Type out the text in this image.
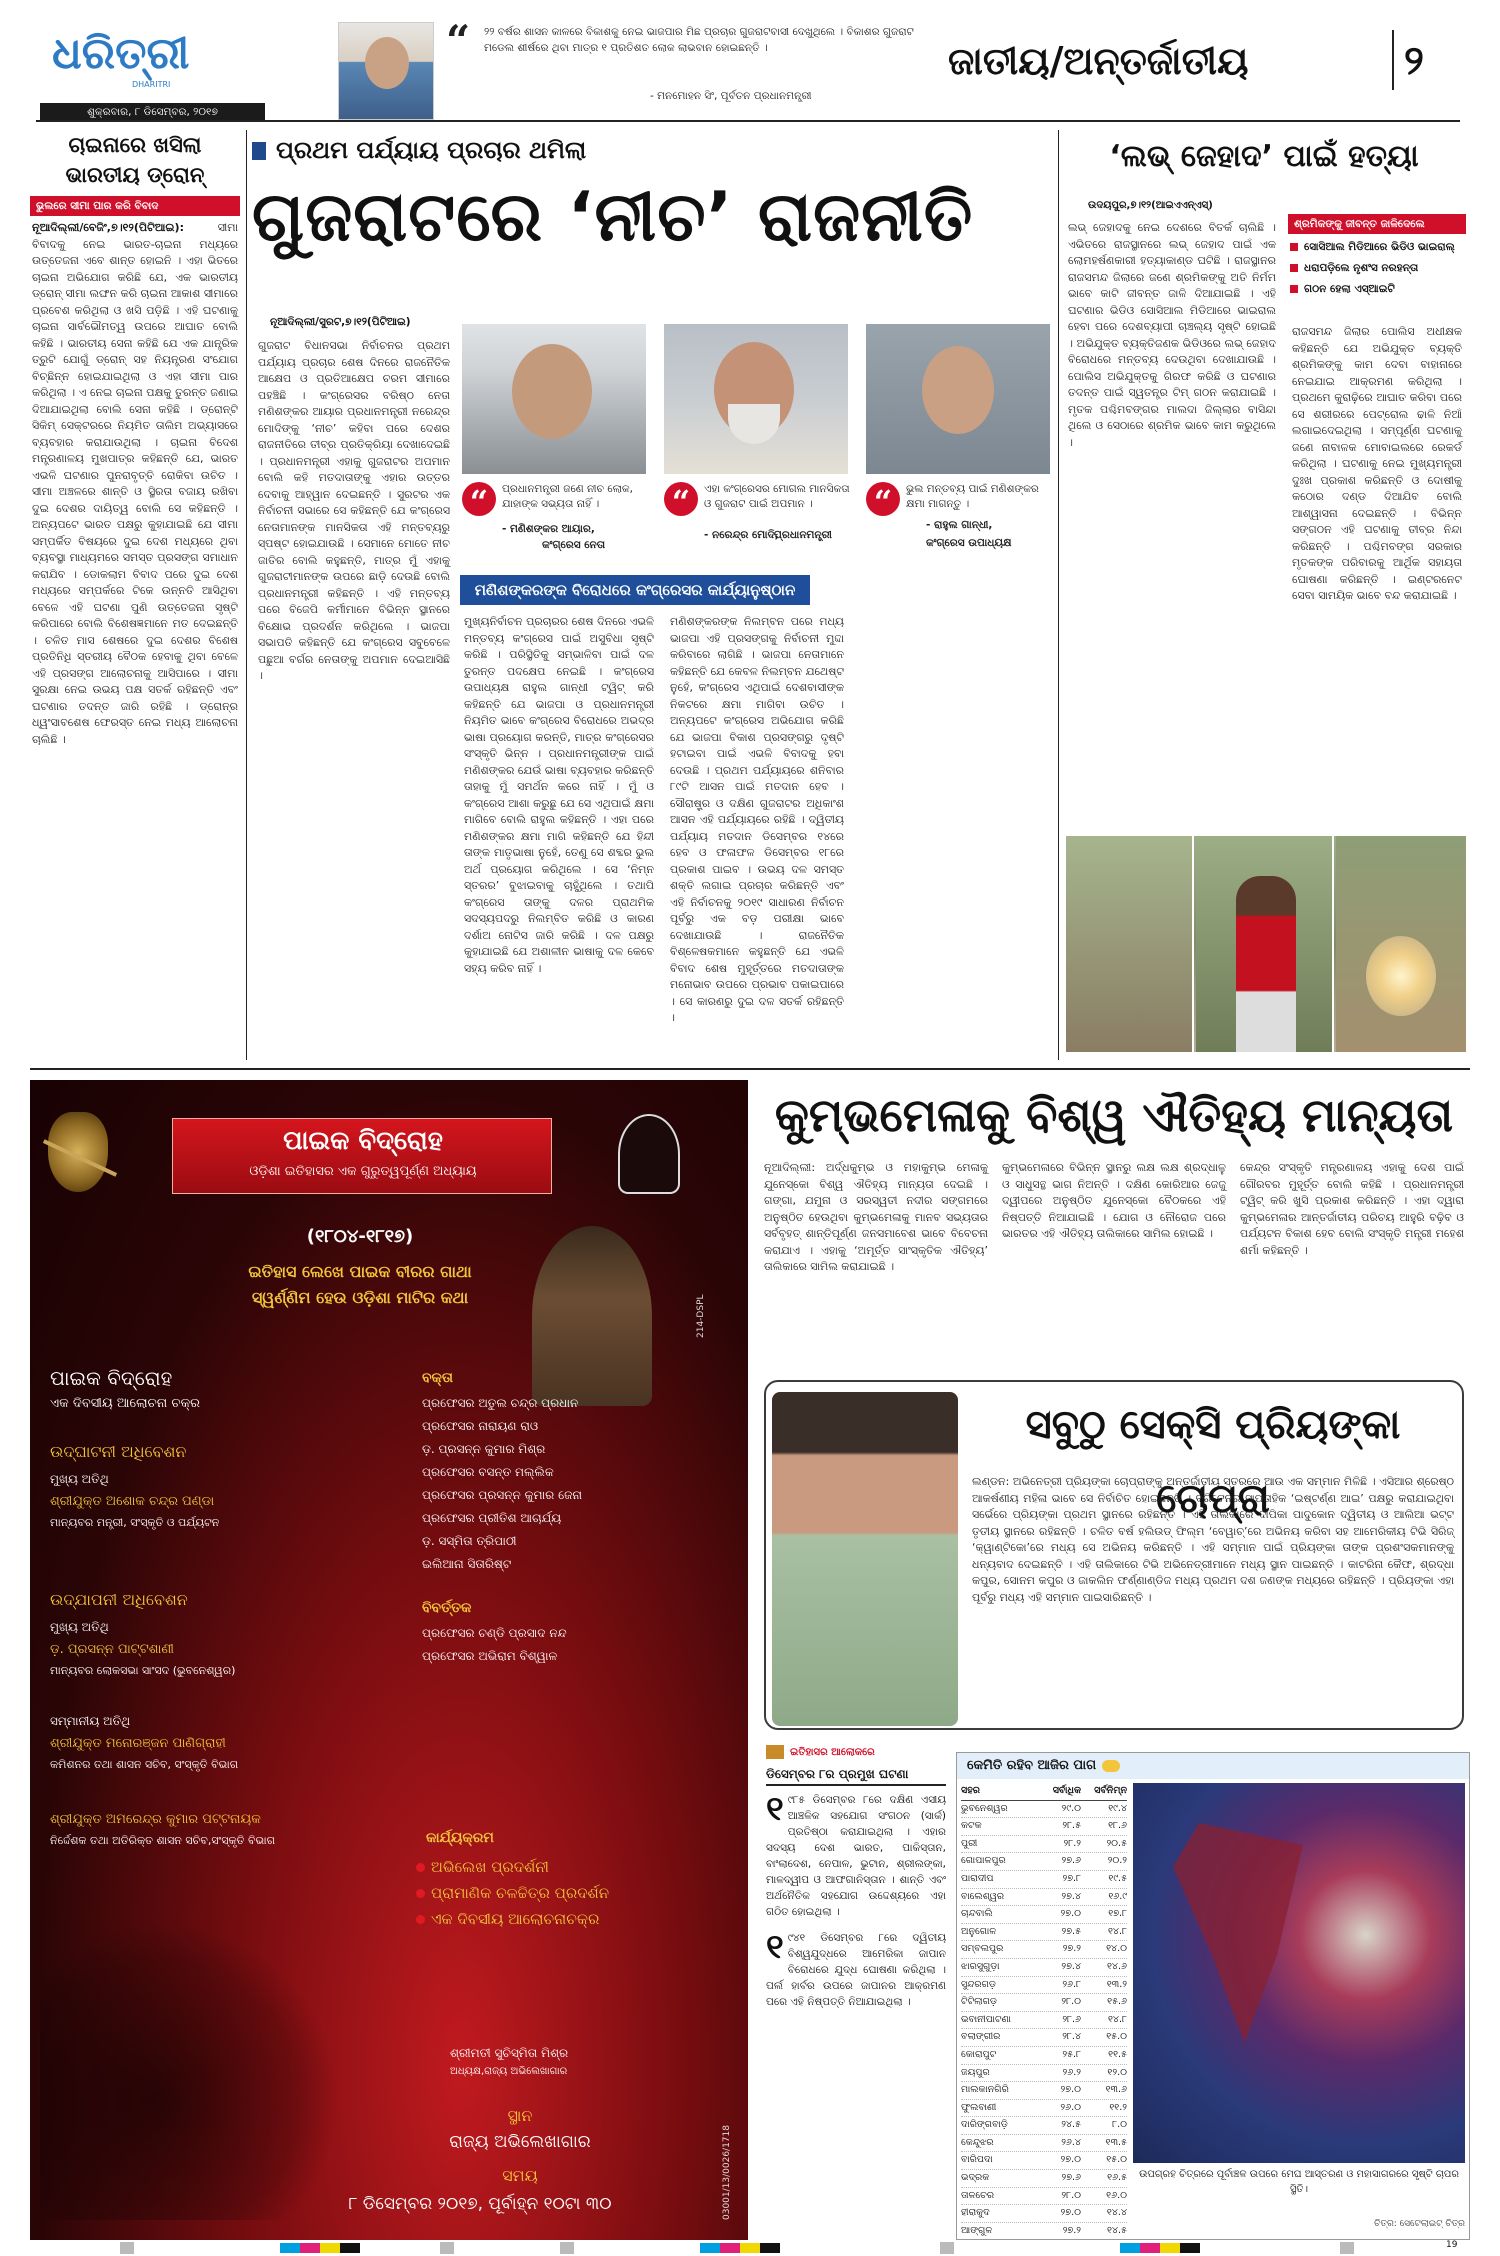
ଧରିତ୍ରୀ
DHARITRI
ଶୁକ୍ରବାର, ୮ ଡିସେମ୍ବର, ୨୦୧୭
“	୨୨ ବର୍ଷର ଶାସନ କାଳରେ ବିକାଶକୁ ନେଇ ଭାଜପାର ମିଛ ପ୍ରଚାର ଗୁଜରାଟବାସୀ ଦେଖୁଥିଲେ । ବିକାଶର ଗୁଜରାଟ ମଡେଲ ଶୀର୍ଷରେ ଥିବା ମାତ୍ର ୧ ପ୍ରତିଶତ ଲୋକ ଲାଭବାନ ହୋଇଛନ୍ତି ।
- ମନମୋହନ ସିଂ, ପୂର୍ବତନ ପ୍ରଧାନମନ୍ତ୍ରୀ
ଜାତୀୟ/ଅନ୍ତର୍ଜାତୀୟ	୨
ଚାଇନାରେ ଖସିଲା
ଭାରତୀୟ ଡ୍ରୋନ୍
ଭୁଲରେ ସୀମା ପାର କରି ବିବାଦ
ନୂଆଦିଲ୍ଲୀ/ବେଜିଂ,୭।୧୨(ପିଟିଆଇ):	ସୀମା ବିବାଦକୁ ନେଇ ଭାରତ-ଚାଇନା ମଧ୍ୟରେ ଉତ୍ତେଜନା ଏବେ ଶାନ୍ତ ହୋଇନି । ଏହା ଭିତରେ ଚାଇନା ଅଭିଯୋଗ କରିଛି ଯେ, ଏକ ଭାରତୀୟ ଡ୍ରୋନ୍ ସୀମା ଲଙ୍ଘନ କରି ଚାଇନା ଆକାଶ ସୀମାରେ ପ୍ରବେଶ କରିଥିଲା ଓ ଖସି ପଡ଼ିଛି । ଏହି ଘଟଣାକୁ ଚାଇନା ସାର୍ବଭୌମତ୍ୱ ଉପରେ ଆଘାତ ବୋଲି କହିଛି । ଭାରତୀୟ ସେନା କହିଛି ଯେ ଏକ ଯାନ୍ତ୍ରିକ ତ୍ରୁଟି ଯୋଗୁଁ ଡ୍ରୋନ୍ ସହ ନିୟନ୍ତ୍ରଣ ସଂଯୋଗ ବିଚ୍ଛିନ୍ନ ହୋଇଯାଇଥିଲା ଓ ଏହା ସୀମା ପାର କରିଥିଲା । ଏ ନେଇ ଚାଇନା ପକ୍ଷକୁ ତୁରନ୍ତ ଜଣାଇ ଦିଆଯାଇଥିଲା ବୋଲି ସେନା କହିଛି । ଡ୍ରୋନ୍‌ଟି ସିକିମ୍ ସେକ୍ଟରରେ ନିୟମିତ ତାଲିମ ଅଭ୍ୟାସରେ ବ୍ୟବହାର କରାଯାଉଥିଲା । ଚାଇନା ବିଦେଶ ମନ୍ତ୍ରଣାଳୟ ମୁଖପାତ୍ର କହିଛନ୍ତି ଯେ, ଭାରତ ଏଭଳି ଘଟଣାର ପୁନରାବୃତ୍ତି ରୋକିବା ଉଚିତ । ସୀମା ଅଞ୍ଚଳରେ ଶାନ୍ତି ଓ ସ୍ଥିରତା ବଜାୟ ରଖିବା ଦୁଇ ଦେଶର ଦାୟିତ୍ୱ ବୋଲି ସେ କହିଛନ୍ତି । ଅନ୍ୟପଟେ ଭାରତ ପକ୍ଷରୁ କୁହାଯାଇଛି ଯେ ସୀମା ସମ୍ପର୍କିତ ବିଷୟରେ ଦୁଇ ଦେଶ ମଧ୍ୟରେ ଥିବା ବ୍ୟବସ୍ଥା ମାଧ୍ୟମରେ ସମସ୍ତ ପ୍ରସଙ୍ଗ ସମାଧାନ କରାଯିବ । ଡୋକଲାମ ବିବାଦ ପରେ ଦୁଇ ଦେଶ ମଧ୍ୟରେ ସମ୍ପର୍କରେ ଟିକେ ଉନ୍ନତି ଆସିଥିବା ବେଳେ ଏହି ଘଟଣା ପୁଣି ଉତ୍ତେଜନା ସୃଷ୍ଟି କରିପାରେ ବୋଲି ବିଶେଷଜ୍ଞମାନେ ମତ ଦେଇଛନ୍ତି । ଚଳିତ ମାସ ଶେଷରେ ଦୁଇ ଦେଶର ବିଶେଷ ପ୍ରତିନିଧି ସ୍ତରୀୟ ବୈଠକ ହେବାକୁ ଥିବା ବେଳେ ଏହି ପ୍ରସଙ୍ଗ ଆଲୋଚନାକୁ ଆସିପାରେ । ସୀମା ସୁରକ୍ଷା ନେଇ ଉଭୟ ପକ୍ଷ ସତର୍କ ରହିଛନ୍ତି ଏବଂ ଘଟଣାର ତଦନ୍ତ ଜାରି ରହିଛି । ଡ୍ରୋନ୍‌ର ଧ୍ୱଂସାବଶେଷ ଫେରସ୍ତ ନେଇ ମଧ୍ୟ ଆଲୋଚନା ଚାଲିଛି ।
ପ୍ରଥମ ପର୍ଯ୍ୟାୟ ପ୍ରଚାର ଥମିଲା
ଗୁଜରାଟରେ ‘ନୀଚ’ ରାଜନୀତି
ନୂଆଦିଲ୍ଲୀ/ସୁରଟ,୭।୧୨(ପିଟିଆଇ)
ଗୁଜରାଟ ବିଧାନସଭା ନିର୍ବାଚନର ପ୍ରଥମ ପର୍ଯ୍ୟାୟ ପ୍ରଚାର ଶେଷ ଦିନରେ ରାଜନୈତିକ ଆକ୍ଷେପ ଓ ପ୍ରତିଆକ୍ଷେପ ଚରମ ସୀମାରେ ପହଞ୍ଚିଛି । କଂଗ୍ରେସର ବରିଷ୍ଠ ନେତା ମଣିଶଙ୍କର ଆୟାର ପ୍ରଧାନମନ୍ତ୍ରୀ ନରେନ୍ଦ୍ର ମୋଦିଙ୍କୁ ‘ନୀଚ’ କହିବା ପରେ ଦେଶର ରାଜନୀତିରେ ତୀବ୍ର ପ୍ରତିକ୍ରିୟା ଦେଖାଦେଇଛି । ପ୍ରଧାନମନ୍ତ୍ରୀ ଏହାକୁ ଗୁଜରାଟର ଅପମାନ ବୋଲି କହି ମତଦାତାଙ୍କୁ ଏହାର ଉତ୍ତର ଦେବାକୁ ଆହ୍ୱାନ ଦେଇଛନ୍ତି । ସୁରଟର ଏକ ନିର୍ବାଚନୀ ସଭାରେ ସେ କହିଛନ୍ତି ଯେ କଂଗ୍ରେସ ନେତାମାନଙ୍କ ମାନସିକତା ଏହି ମନ୍ତବ୍ୟରୁ ସ୍ପଷ୍ଟ ହୋଇଯାଉଛି । ସେମାନେ ମୋତେ ନୀଚ ଜାତିର ବୋଲି କହୁଛନ୍ତି, ମାତ୍ର ମୁଁ ଏହାକୁ ଗୁଜରାଟୀମାନଙ୍କ ଉପରେ ଛାଡ଼ି ଦେଉଛି ବୋଲି ପ୍ରଧାନମନ୍ତ୍ରୀ କହିଛନ୍ତି । ଏହି ମନ୍ତବ୍ୟ ପରେ ବିଜେପି କର୍ମୀମାନେ ବିଭିନ୍ନ ସ୍ଥାନରେ ବିକ୍ଷୋଭ ପ୍ରଦର୍ଶନ କରିଥିଲେ । ଭାଜପା ସଭାପତି କହିଛନ୍ତି ଯେ କଂଗ୍ରେସ ସବୁବେଳେ ପଛୁଆ ବର୍ଗର ନେତାଙ୍କୁ ଅପମାନ ଦେଇଆସିଛି ।
“	ପ୍ରଧାନମନ୍ତ୍ରୀ ଜଣେ ନୀଚ ଲୋକ, ଯାହାଙ୍କ ସଭ୍ୟତା ନାହିଁ ।
- ମଣିଶଙ୍କର ଆୟାର,
କଂଗ୍ରେସ ନେତା
“	ଏହା କଂଗ୍ରେସର ମୋଗଲ ମାନସିକତା ଓ ଗୁଜରାଟ ପାଇଁ ଅପମାନ ।
- ନରେନ୍ଦ୍ର ମୋଦି,
ପ୍ରଧାନମନ୍ତ୍ରୀ
“	ଭୁଲ ମନ୍ତବ୍ୟ ପାଇଁ ମଣିଶଙ୍କର କ୍ଷମା ମାଗନ୍ତୁ ।
- ରାହୁଲ ଗାନ୍ଧୀ,
କଂଗ୍ରେସ ଉପାଧ୍ୟକ୍ଷ
ମଣିଶଙ୍କରଙ୍କ ବିରୋଧରେ କଂଗ୍ରେସର କାର୍ଯ୍ୟାନୁଷ୍ଠାନ
ମୁଖ୍ୟନିର୍ବାଚନ ପ୍ରଚାରର ଶେଷ ଦିନରେ ଏଭଳି ମନ୍ତବ୍ୟ କଂଗ୍ରେସ ପାଇଁ ଅସୁବିଧା ସୃଷ୍ଟି କରିଛି । ପରିସ୍ଥିତିକୁ ସମ୍ଭାଳିବା ପାଇଁ ଦଳ ତୁରନ୍ତ ପଦକ୍ଷେପ ନେଇଛି । କଂଗ୍ରେସ ଉପାଧ୍ୟକ୍ଷ ରାହୁଲ ଗାନ୍ଧୀ ଟ୍ୱିଟ୍ କରି କହିଛନ୍ତି ଯେ ଭାଜପା ଓ ପ୍ରଧାନମନ୍ତ୍ରୀ ନିୟମିତ ଭାବେ କଂଗ୍ରେସ ବିରୋଧରେ ଅଭଦ୍ର ଭାଷା ପ୍ରୟୋଗ କରନ୍ତି, ମାତ୍ର କଂଗ୍ରେସର ସଂସ୍କୃତି ଭିନ୍ନ । ପ୍ରଧାନମନ୍ତ୍ରୀଙ୍କ ପାଇଁ ମଣିଶଙ୍କର ଯେଉଁ ଭାଷା ବ୍ୟବହାର କରିଛନ୍ତି ତାହାକୁ ମୁଁ ସମର୍ଥନ କରେ ନାହିଁ । ମୁଁ ଓ କଂଗ୍ରେସ ଆଶା କରୁଛୁ ଯେ ସେ ଏଥିପାଇଁ କ୍ଷମା ମାଗିବେ ବୋଲି ରାହୁଲ କହିଛନ୍ତି । ଏହା ପରେ ମଣିଶଙ୍କର କ୍ଷମା ମାଗି କହିଛନ୍ତି ଯେ ହିନ୍ଦୀ ତାଙ୍କ ମାତୃଭାଷା ନୁହେଁ, ତେଣୁ ସେ ଶବ୍ଦର ଭୁଲ ଅର୍ଥ ପ୍ରୟୋଗ କରିଥିଲେ । ସେ ‘ନିମ୍ନ ସ୍ତରର’ ବୁଝାଇବାକୁ ଚାହୁଁଥିଲେ । ତଥାପି କଂଗ୍ରେସ ତାଙ୍କୁ ଦଳର ପ୍ରାଥମିକ ସଦସ୍ୟପଦରୁ ନିଲମ୍ବିତ କରିଛି ଓ କାରଣ ଦର୍ଶାଅ ନୋଟିସ ଜାରି କରିଛି । ଦଳ ପକ୍ଷରୁ କୁହାଯାଇଛି ଯେ ଅଶାଳୀନ ଭାଷାକୁ ଦଳ କେବେ ସହ୍ୟ କରିବ ନାହିଁ ।
ମଣିଶଙ୍କରଙ୍କ ନିଲମ୍ବନ ପରେ ମଧ୍ୟ ଭାଜପା ଏହି ପ୍ରସଙ୍ଗକୁ ନିର୍ବାଚନୀ ମୁଦ୍ଦା କରିବାରେ ଲାଗିଛି । ଭାଜପା ନେତାମାନେ କହିଛନ୍ତି ଯେ କେବଳ ନିଲମ୍ବନ ଯଥେଷ୍ଟ ନୁହେଁ, କଂଗ୍ରେସ ଏଥିପାଇଁ ଦେଶବାସୀଙ୍କ ନିକଟରେ କ୍ଷମା ମାଗିବା ଉଚିତ । ଅନ୍ୟପଟେ କଂଗ୍ରେସ ଅଭିଯୋଗ କରିଛି ଯେ ଭାଜପା ବିକାଶ ପ୍ରସଙ୍ଗରୁ ଦୃଷ୍ଟି ହଟାଇବା ପାଇଁ ଏଭଳି ବିବାଦକୁ ହବା ଦେଉଛି । ପ୍ରଥମ ପର୍ଯ୍ୟାୟରେ ଶନିବାର ୮୯ଟି ଆସନ ପାଇଁ ମତଦାନ ହେବ । ସୌରାଷ୍ଟ୍ର ଓ ଦକ୍ଷିଣ ଗୁଜରାଟର ଅଧିକାଂଶ ଆସନ ଏହି ପର୍ଯ୍ୟାୟରେ ରହିଛି । ଦ୍ୱିତୀୟ ପର୍ଯ୍ୟାୟ ମତଦାନ ଡିସେମ୍ବର ୧୪ରେ ହେବ ଓ ଫଳାଫଳ ଡିସେମ୍ବର ୧୮ରେ ପ୍ରକାଶ ପାଇବ । ଉଭୟ ଦଳ ସମସ୍ତ ଶକ୍ତି ଲଗାଇ ପ୍ରଚାର କରିଛନ୍ତି ଏବଂ ଏହି ନିର୍ବାଚନକୁ ୨୦୧୯ ସାଧାରଣ ନିର୍ବାଚନ ପୂର୍ବରୁ ଏକ ବଡ଼ ପରୀକ୍ଷା ଭାବେ ଦେଖାଯାଉଛି । ରାଜନୈତିକ ବିଶ୍ଳେଷକମାନେ କହୁଛନ୍ତି ଯେ ଏଭଳି ବିବାଦ ଶେଷ ମୁହୂର୍ତ୍ତରେ ମତଦାତାଙ୍କ ମନୋଭାବ ଉପରେ ପ୍ରଭାବ ପକାଇପାରେ । ସେ କାରଣରୁ ଦୁଇ ଦଳ ସତର୍କ ରହିଛନ୍ତି ।
‘ଲଭ୍ ଜେହାଦ’ ପାଇଁ ହତ୍ୟା
ଉଦୟପୁର,୭।୧୨(ଆଇଏଏନ୍‌ଏସ୍)
ଲଭ୍ ଜେହାଦକୁ ନେଇ ଦେଶରେ ବିତର୍କ ଚାଲିଛି । ଏଭିତରେ ରାଜସ୍ଥାନରେ ଲଭ୍ ଜେହାଦ ପାଇଁ ଏକ ଲୋମହର୍ଷଣକାରୀ ହତ୍ୟାକାଣ୍ଡ ଘଟିଛି । ରାଜସ୍ଥାନର ରାଜସମନ୍ଦ ଜିଲାରେ ଜଣେ ଶ୍ରମିକଙ୍କୁ ଅତି ନିର୍ମମ ଭାବେ କାଟି ଜୀବନ୍ତ ଜାଳି ଦିଆଯାଇଛି । ଏହି ଘଟଣାର ଭିଡିଓ ସୋସିଆଲ ମିଡିଆରେ ଭାଇରାଲ ହେବା ପରେ ଦେଶବ୍ୟାପୀ ଚାଞ୍ଚଲ୍ୟ ସୃଷ୍ଟି ହୋଇଛି । ଅଭିଯୁକ୍ତ ବ୍ୟକ୍ତିଜଣକ ଭିଡିଓରେ ଲଭ୍ ଜେହାଦ ବିରୋଧରେ ମନ୍ତବ୍ୟ ଦେଉଥିବା ଦେଖାଯାଉଛି । ପୋଲିସ ଅଭିଯୁକ୍ତକୁ ଗିରଫ କରିଛି ଓ ଘଟଣାର ତଦନ୍ତ ପାଇଁ ସ୍ୱତନ୍ତ୍ର ଟିମ୍ ଗଠନ କରାଯାଇଛି । ମୃତକ ପଶ୍ଚିମବଙ୍ଗର ମାଲଦା ଜିଲ୍ଲାର ବାସିନ୍ଦା ଥିଲେ ଓ ସେଠାରେ ଶ୍ରମିକ ଭାବେ କାମ କରୁଥିଲେ ।
ଶ୍ରମିକଙ୍କୁ ଜୀବନ୍ତ ଜାଳିଦେଲେ
ସୋସିଆଲ ମିଡିଆରେ ଭିଡିଓ ଭାଇରାଲ୍
ଧରାପଡ଼ିଲେ ନୃଶଂସ ନରହନ୍ତା
ଗଠନ ହେଲା ଏସ୍‌ଆଇଟି
ରାଜସମନ୍ଦ ଜିଲାର ପୋଲିସ ଅଧୀକ୍ଷକ କହିଛନ୍ତି ଯେ ଅଭିଯୁକ୍ତ ବ୍ୟକ୍ତି ଶ୍ରମିକଙ୍କୁ କାମ ଦେବା ବାହାନାରେ ନେଇଯାଇ ଆକ୍ରମଣ କରିଥିଲା । ପ୍ରଥମେ କୁରାଢ଼ିରେ ଆଘାତ କରିବା ପରେ ସେ ଶରୀରରେ ପେଟ୍ରୋଲ ଢାଳି ନିଆଁ ଲଗାଇଦେଇଥିଲା । ସମ୍ପୂର୍ଣ୍ଣ ଘଟଣାକୁ ଜଣେ ନାବାଳକ ମୋବାଇଲରେ ରେକର୍ଡ କରିଥିଲା । ଘଟଣାକୁ ନେଇ ମୁଖ୍ୟମନ୍ତ୍ରୀ ଦୁଃଖ ପ୍ରକାଶ କରିଛନ୍ତି ଓ ଦୋଷୀକୁ କଠୋର ଦଣ୍ଡ ଦିଆଯିବ ବୋଲି ଆଶ୍ୱାସନା ଦେଇଛନ୍ତି । ବିଭିନ୍ନ ସଙ୍ଗଠନ ଏହି ଘଟଣାକୁ ତୀବ୍ର ନିନ୍ଦା କରିଛନ୍ତି । ପଶ୍ଚିମବଙ୍ଗ ସରକାର ମୃତକଙ୍କ ପରିବାରକୁ ଆର୍ଥିକ ସହାୟତା ଘୋଷଣା କରିଛନ୍ତି । ଇଣ୍ଟରନେଟ ସେବା ସାମୟିକ ଭାବେ ବନ୍ଦ କରାଯାଇଛି ।
ପାଇକ ବିଦ୍ରୋହ
ଓଡ଼ିଶା ଇତିହାସର ଏକ ଗୁରୁତ୍ୱପୂର୍ଣ୍ଣ ଅଧ୍ୟାୟ
(୧୮୦୪-୧୮୧୭)
ଇତିହାସ ଲେଖେ ପାଇକ ବୀରର ଗାଥା
ସ୍ୱର୍ଣ୍ଣିମ ହେଉ ଓଡ଼ିଶା ମାଟିର କଥା	214-DSPL
ପାଇକ ବିଦ୍ରୋହ
ଏକ ଦିବସୀୟ ଆଲୋଚନା ଚକ୍ର
ଉଦ୍‌ଘାଟନୀ ଅଧିବେଶନ
ମୁଖ୍ୟ ଅତିଥି
ଶ୍ରୀଯୁକ୍ତ ଅଶୋକ ଚନ୍ଦ୍ର ପଣ୍ଡା
ମାନ୍ୟବର ମନ୍ତ୍ରୀ, ସଂସ୍କୃତି ଓ ପର୍ଯ୍ୟଟନ
ଉଦ୍‌ଯାପନୀ ଅଧିବେଶନ
ମୁଖ୍ୟ ଅତିଥି
ଡ଼. ପ୍ରସନ୍ନ ପାଟ୍ଟଶାଣୀ
ମାନ୍ୟବର ଲୋକସଭା ସାଂସଦ (ଭୁବନେଶ୍ୱର)
ସମ୍ମାନୀୟ ଅତିଥି
ଶ୍ରୀଯୁକ୍ତ ମନୋରଞ୍ଜନ ପାଣିଗ୍ରାହୀ
କମିଶନର ତଥା ଶାସନ ସଚିବ, ସଂସ୍କୃତି ବିଭାଗ
ଶ୍ରୀଯୁକ୍ତ ଅମରେନ୍ଦ୍ର କୁମାର ପଟ୍ଟନାୟକ
ନିର୍ଦ୍ଦେଶକ ତଥା ଅତିରିକ୍ତ ଶାସନ ସଚିବ,ସଂସ୍କୃତି ବିଭାଗ
ବକ୍ତା
ପ୍ରଫେସର ଅତୁଲ ଚନ୍ଦ୍ର ପ୍ରଧାନ
ପ୍ରଫେସର ନାରାୟଣ ରାଓ
ଡ଼. ପ୍ରସନ୍ନ କୁମାର ମିଶ୍ର
ପ୍ରଫେସର ବସନ୍ତ ମଲ୍ଲିକ
ପ୍ରଫେସର ପ୍ରସନ୍ନ କୁମାର ଜେନା
ପ୍ରଫେସର ପ୍ରୀତିଶ ଆଚାର୍ଯ୍ୟ
ଡ଼. ସସ୍ମିତା ତ୍ରିପାଠୀ
ଇଲିଆନା ସିତାରିଷ୍ଟ
ବିବର୍ତ୍ତକ
ପ୍ରଫେସର ଚଣ୍ଡି ପ୍ରସାଦ ନନ୍ଦ
ପ୍ରଫେସର ଅଭିରାମ ବିଶ୍ୱାଳ
କାର୍ଯ୍ୟକ୍ରମ
ଅଭିଲେଖ ପ୍ରଦର୍ଶନୀ
ପ୍ରାମାଣିକ ଚଳଚ୍ଚିତ୍ର ପ୍ରଦର୍ଶନ
ଏକ ଦିବସୀୟ ଆଲୋଚନାଚକ୍ର
ଶ୍ରୀମତୀ ସୁଚିସ୍ମିତା ମିଶ୍ର
ଅଧ୍ୟକ୍ଷ,ରାଜ୍ୟ ଅଭିଲେଖାଗାର
ସ୍ଥାନ
ରାଜ୍ୟ ଅଭିଲେଖାଗାର
ସମୟ
୮ ଡିସେମ୍ବର ୨୦୧୭, ପୂର୍ବାହ୍ନ ୧୦ଟା ୩୦	03001/13/0026/1718
କୁମ୍ଭମେଳାକୁ ବିଶ୍ୱ ଐତିହ୍ୟ ମାନ୍ୟତା
ନୂଆଦିଲ୍ଲୀ: ଅର୍ଦ୍ଧକୁମ୍ଭ ଓ ମହାକୁମ୍ଭ ମେଳାକୁ ଯୁନେସ୍କୋ ବିଶ୍ୱ ଐତିହ୍ୟ ମାନ୍ୟତା ଦେଇଛି । ଗଙ୍ଗା, ଯମୁନା ଓ ସରସ୍ୱତୀ ନଦୀର ସଙ୍ଗମରେ ଅନୁଷ୍ଠିତ ହେଉଥିବା କୁମ୍ଭମେଳାକୁ ମାନବ ସଭ୍ୟତାର ସର୍ବବୃହତ୍ ଶାନ୍ତିପୂର୍ଣ୍ଣ ଜନସମାବେଶ ଭାବେ ବିବେଚନା କରାଯାଏ । ଏହାକୁ ‘ଅମୂର୍ତ୍ତ ସାଂସ୍କୃତିକ ଐତିହ୍ୟ’ ତାଲିକାରେ ସାମିଲ କରାଯାଇଛି ।
କୁମ୍ଭମେଳାରେ ବିଭିନ୍ନ ସ୍ଥାନରୁ ଲକ୍ଷ ଲକ୍ଷ ଶ୍ରଦ୍ଧାଳୁ ଓ ସାଧୁସନ୍ଥ ଭାଗ ନିଅନ୍ତି । ଦକ୍ଷିଣ କୋରିଆର ଜେଜୁ ଦ୍ୱୀପରେ ଅନୁଷ୍ଠିତ ଯୁନେସ୍କୋ ବୈଠକରେ ଏହି ନିଷ୍ପତ୍ତି ନିଆଯାଇଛି । ଯୋଗ ଓ ନୌରୋଜ ପରେ ଭାରତର ଏହି ଐତିହ୍ୟ ତାଲିକାରେ ସାମିଲ ହୋଇଛି ।
କେନ୍ଦ୍ର ସଂସ୍କୃତି ମନ୍ତ୍ରଣାଳୟ ଏହାକୁ ଦେଶ ପାଇଁ ଗୌରବର ମୁହୂର୍ତ୍ତ ବୋଲି କହିଛି । ପ୍ରଧାନମନ୍ତ୍ରୀ ଟ୍ୱିଟ୍ କରି ଖୁସି ପ୍ରକାଶ କରିଛନ୍ତି । ଏହା ଦ୍ୱାରା କୁମ୍ଭମେଳାର ଆନ୍ତର୍ଜାତୀୟ ପରିଚୟ ଆହୁରି ବଢ଼ିବ ଓ ପର୍ଯ୍ୟଟନ ବିକାଶ ହେବ ବୋଲି ସଂସ୍କୃତି ମନ୍ତ୍ରୀ ମହେଶ ଶର୍ମା କହିଛନ୍ତି ।
ସବୁଠୁ ସେକ୍ସି ପ୍ରିୟଙ୍କା ଚୋପ୍ରା
ଲଣ୍ଡନ: ଅଭିନେତ୍ରୀ ପ୍ରିୟଙ୍କା ଚୋପ୍ରାଙ୍କୁ ଅନ୍ତର୍ଜାତୀୟ ସ୍ତରରେ ଆଉ ଏକ ସମ୍ମାନ ମିଳିଛି । ଏସିଆର ଶ୍ରେଷ୍ଠ ଆକର୍ଷଣୀୟ ମହିଳା ଭାବେ ସେ ନିର୍ବାଚିତ ହୋଇଛନ୍ତି । ବ୍ରିଟେନର ସାପ୍ତାହିକ ‘ଇଷ୍ଟର୍ଣ୍ଣ ଆଇ’ ପକ୍ଷରୁ କରାଯାଇଥିବା ସର୍ଭେରେ ପ୍ରିୟଙ୍କା ପ୍ରଥମ ସ୍ଥାନରେ ରହିଛନ୍ତି । ଏହି ତାଲିକାରେ ଦୀପିକା ପାଦୁକୋନ ଦ୍ୱିତୀୟ ଓ ଆଲିଆ ଭଟ୍ଟ ତୃତୀୟ ସ୍ଥାନରେ ରହିଛନ୍ତି । ଚଳିତ ବର୍ଷ ହଲିଉଡ୍ ଫିଲ୍ମ ‘ବେୱାଚ୍’ରେ ଅଭିନୟ କରିବା ସହ ଆମେରିକୀୟ ଟିଭି ସିରିଜ୍ ‘କ୍ୱାଣ୍ଟିକୋ’ରେ ମଧ୍ୟ ସେ ଅଭିନୟ କରିଛନ୍ତି । ଏହି ସମ୍ମାନ ପାଇଁ ପ୍ରିୟଙ୍କା ତାଙ୍କ ପ୍ରଶଂସକମାନଙ୍କୁ ଧନ୍ୟବାଦ ଦେଇଛନ୍ତି । ଏହି ତାଲିକାରେ ଟିଭି ଅଭିନେତ୍ରୀମାନେ ମଧ୍ୟ ସ୍ଥାନ ପାଇଛନ୍ତି । କାଟରିନା କୈଫ, ଶ୍ରଦ୍ଧା କପୁର, ସୋନମ କପୁର ଓ ଜାକଲିନ ଫର୍ଣ୍ଣାଣ୍ଡିଜ ମଧ୍ୟ ପ୍ରଥମ ଦଶ ଜଣଙ୍କ ମଧ୍ୟରେ ରହିଛନ୍ତି । ପ୍ରିୟଙ୍କା ଏହା ପୂର୍ବରୁ ମଧ୍ୟ ଏହି ସମ୍ମାନ ପାଇସାରିଛନ୍ତି ।
ଇତିହାସର ଆଲୋକରେ
ଡିସେମ୍ବର ୮ର ପ୍ରମୁଖ ଘଟଣା
୧ ୯୮୫ ଡିସେମ୍ବର ୮ରେ ଦକ୍ଷିଣ ଏସୀୟ ଆଞ୍ଚଳିକ ସହଯୋଗ ସଂଗଠନ (ସାର୍କ) ପ୍ରତିଷ୍ଠା କରାଯାଇଥିଲା । ଏହାର ସଦସ୍ୟ ଦେଶ ଭାରତ, ପାକିସ୍ତାନ, ବାଂଲାଦେଶ, ନେପାଳ, ଭୁଟାନ, ଶ୍ରୀଲଙ୍କା, ମାଳଦ୍ୱୀପ ଓ ଆଫଗାନିସ୍ତାନ । ଶାନ୍ତି ଏବଂ ଅର୍ଥନୈତିକ ସହଯୋଗ ଉଦ୍ଦେଶ୍ୟରେ ଏହା ଗଠିତ ହୋଇଥିଲା ।
୧ ୯୪୧ ଡିସେମ୍ବର ୮ରେ ଦ୍ୱିତୀୟ ବିଶ୍ୱଯୁଦ୍ଧରେ ଆମେରିକା ଜାପାନ ବିରୋଧରେ ଯୁଦ୍ଧ ଘୋଷଣା କରିଥିଲା । ପର୍ଲ ହାର୍ବର ଉପରେ ଜାପାନର ଆକ୍ରମଣ ପରେ ଏହି ନିଷ୍ପତ୍ତି ନିଆଯାଇଥିଲା ।
କେମିତି ରହିବ ଆଜିର ପାଗ
ସହର	ସର୍ବାଧିକ	ସର୍ବନିମ୍ନ
ଭୁବନେଶ୍ୱର	୨୯.୦	୧୯.୪
କଟକ	୨୮.୫	୧୮.୬
ପୁରୀ	୨୮.୨	୨୦.୫
ଗୋପାଳପୁର	୨୭.୬	୨୦.୨
ପାରାଦୀପ	୨୭.୮	୧୯.୫
ବାଲେଶ୍ୱର	୨୭.୪	୧୬.୯
ଚାନ୍ଦବାଲି	୨୭.୦	୧୭.୮
ଅନୁଗୋଳ	୨୭.୫	୧୪.୮
ସମ୍ବଲପୁର	୨୭.୨	୧୪.୦
ଝାରସୁଗୁଡ଼ା	୨୭.୪	୧୪.୬
ସୁନ୍ଦରଗଡ଼	୨୬.୮	୧୩.୨
ଟିଟିଲାଗଡ଼	୨୮.୦	୧୫.୬
ଭବାନୀପାଟଣା	୨୮.୬	୧୪.୮
ବଲାଙ୍ଗୀର	୨୮.୪	୧୫.୦
କୋରାପୁଟ	୨୫.୮	୧୧.୫
ଜୟପୁର	୨୬.୨	୧୨.୦
ମାଲକାନଗିରି	୨୭.୦	୧୩.୬
ଫୁଲବାଣୀ	୨୬.୦	୧୧.୨
ଦାରିଙ୍ଗବାଡ଼ି	୨୪.୫	୮.୦
କେନ୍ଦୁଝର	୨୬.୪	୧୩.୫
ବାରିପଦା	୨୭.୦	୧୫.୦
ଭଦ୍ରକ	୨୭.୬	୧୬.୫
ତାଳଚେର	୨୮.୦	୧୬.୦
ହୀରାକୁଦ	୨୭.୦	୧୪.୪
ଆଙ୍ଗୁଳ	୨୭.୨	୧୪.୫
ଉପଗ୍ରହ ଚିତ୍ରରେ ପୂର୍ବାଞ୍ଚଳ ଉପରେ ମେଘ ଆସ୍ତରଣ ଓ ମହାସାଗରରେ ସୃଷ୍ଟି ଚାପର ସ୍ଥିତି।
ଚିତ୍ର: ସେଟେଲାଇଟ୍ ଚିତ୍ର
19
